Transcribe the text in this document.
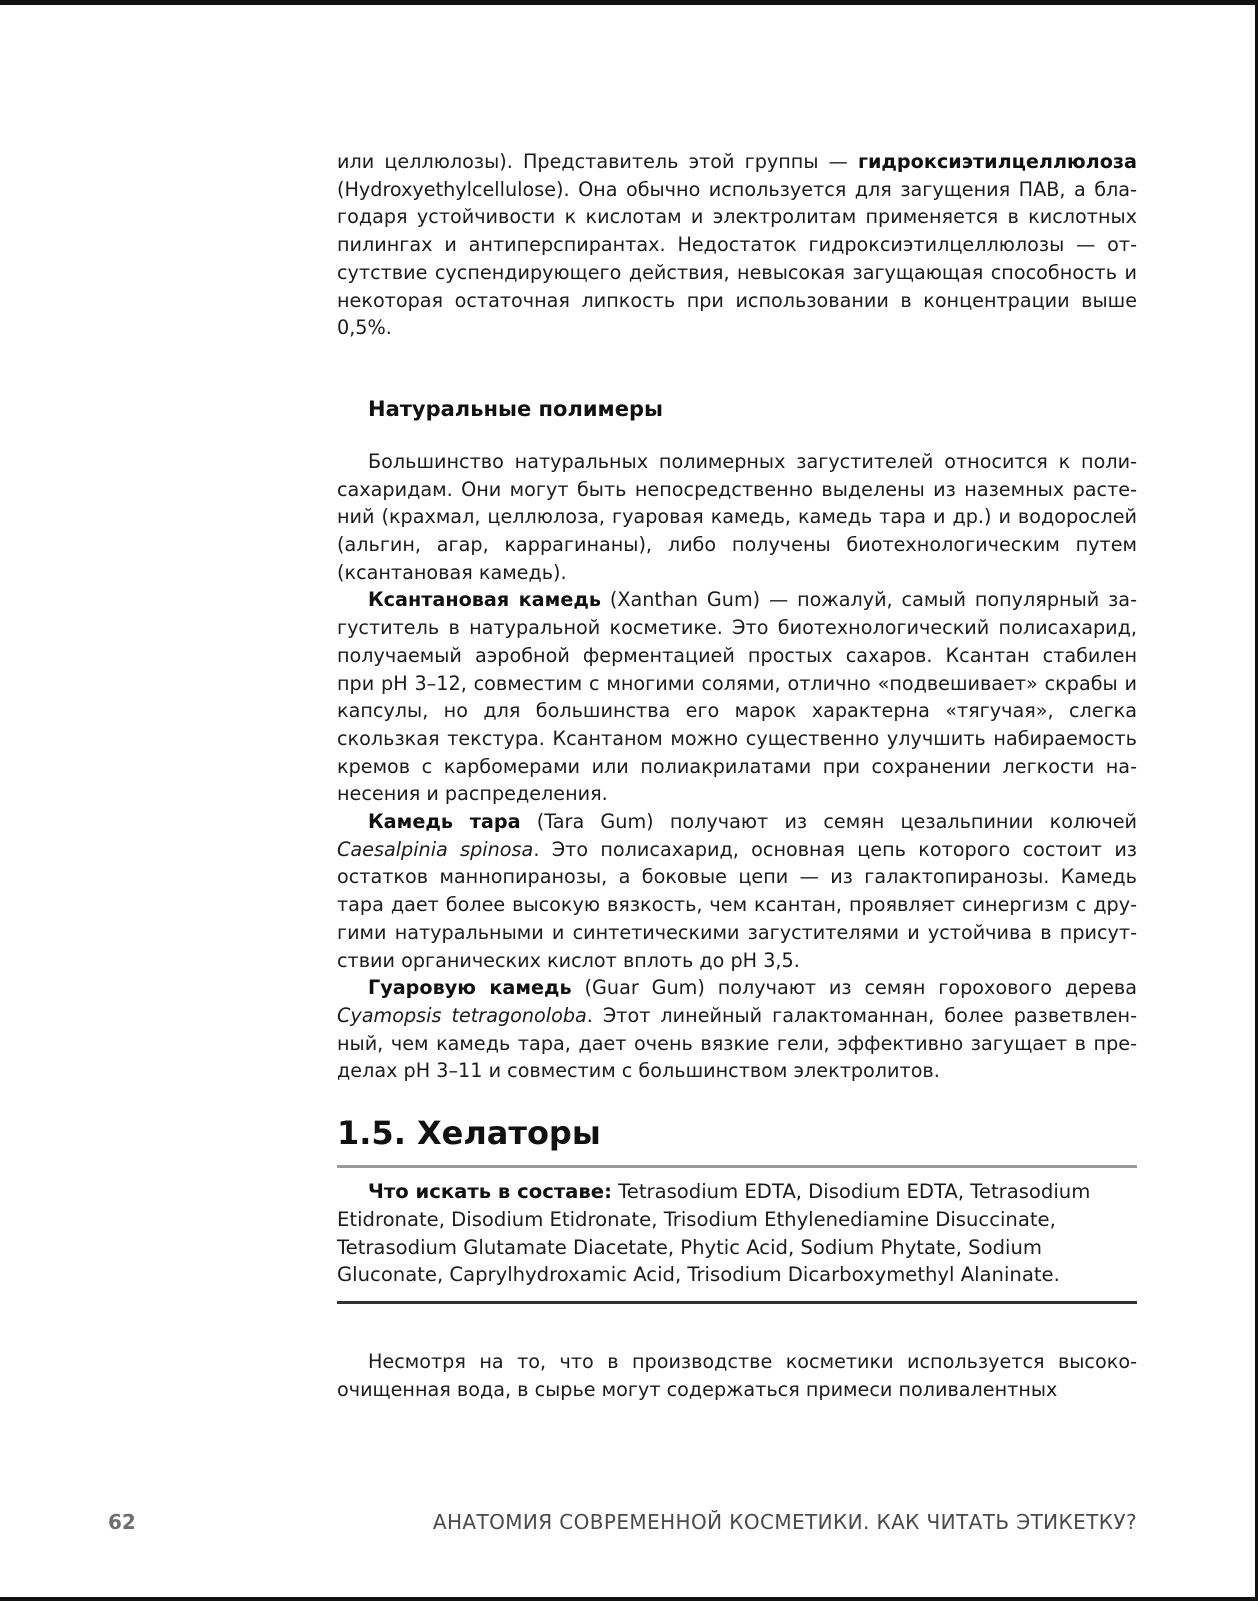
или целлюлозы). Представитель этой группы — гидроксиэтилцеллюлоза (Hydroxyethylcellulose). Она обычно используется для загущения ПАВ, а благодаря устойчивости к кислотам и электролитам применяется в кислотных пилингах и антиперспирантах. Недостаток гидроксиэтилцеллюлозы — отсутствие суспендирующего действия, невысокая загущающая способность и некоторая остаточная липкость при использовании в концентрации выше 0,5%.

Натуральные полимеры

Большинство натуральных полимерных загустителей относится к полисахаридам. Они могут быть непосредственно выделены из наземных растений (крахмал, целлюлоза, гуаровая камедь, камедь тара и др.) и водорослей (альгин, агар, каррагинаны), либо получены биотехнологическим путем (ксантановая камедь).

Ксантановая камедь (Xanthan Gum) — пожалуй, самый популярный загуститель в натуральной косметике. Это биотехнологический полисахарид, получаемый аэробной ферментацией простых сахаров. Ксантан стабилен при pH 3–12, совместим с многими солями, отлично «подвешивает» скрабы и капсулы, но для большинства его марок характерна «тягучая», слегка скользкая текстура. Ксантаном можно существенно улучшить набираемость кремов с карбомерами или полиакрилатами при сохранении легкости нанесения и распределения.

Камедь тара (Tara Gum) получают из семян цезальпинии колючей Caesalpinia spinosa. Это полисахарид, основная цепь которого состоит из остатков маннопиранозы, а боковые цепи — из галактопиранозы. Камедь тара дает более высокую вязкость, чем ксантан, проявляет синергизм с другими натуральными и синтетическими загустителями и устойчива в присутствии органических кислот вплоть до pH 3,5.

Гуаровую камедь (Guar Gum) получают из семян горохового дерева Cyamopsis tetragonoloba. Этот линейный галактоманнан, более разветвленный, чем камедь тара, дает очень вязкие гели, эффективно загущает в пределах pH 3–11 и совместим с большинством электролитов.

1.5. Хелаторы

Что искать в составе: Tetrasodium EDTA, Disodium EDTA, Tetrasodium Etidronate, Disodium Etidronate, Trisodium Ethylenediamine Disuccinate, Tetrasodium Glutamate Diacetate, Phytic Acid, Sodium Phytate, Sodium Gluconate, Caprylhydroxamic Acid, Trisodium Dicarboxymethyl Alaninate.

Несмотря на то, что в производстве косметики используется высокоочищенная вода, в сырье могут содержаться примеси поливалентных

62	АНАТОМИЯ СОВРЕМЕННОЙ КОСМЕТИКИ. КАК ЧИТАТЬ ЭТИКЕТКУ?
